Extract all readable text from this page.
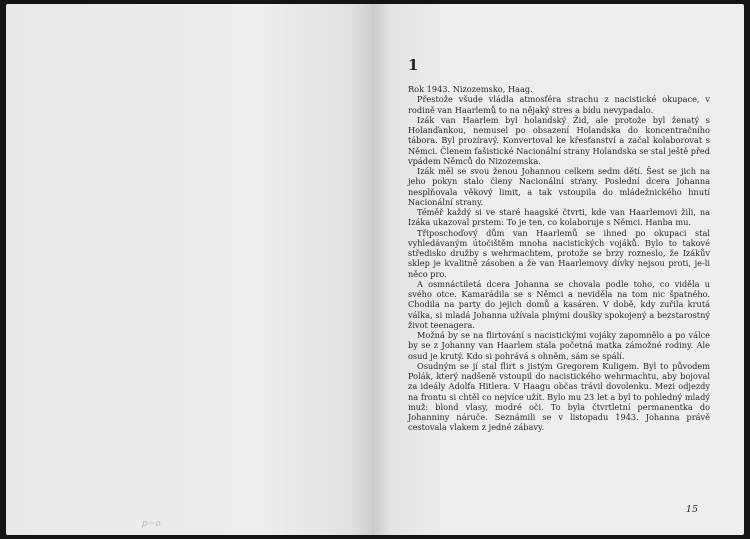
p~o
1

Rok 1943. Nizozemsko, Haag.

Přestože všude vládla atmosféra strachu z nacistické okupace, v rodině van Haarlemů to na nějaký stres a bídu nevypadalo.

Izák van Haarlem byl holandský Žid, ale protože byl ženatý s Holanďankou, nemusel po obsazení Holandska do koncentračního tábora. Byl prozíravý. Konvertoval ke křesťanství a začal kolaborovat s Němci. Členem fašistické Nacionální strany Holandska se stal ještě před vpádem Němců do Nizozemska.

Izák měl se svou ženou Johannou celkem sedm dětí. Šest se jich na jeho pokyn stalo členy Nacionální strany. Poslední dcera Johanna nesplňovala věkový limit, a tak vstoupila do mládežnického hnutí Nacionální strany.

Téměř každý si ve staré haagské čtvrti, kde van Haarlemovi žili, na Izáka ukazoval prstem: To je ten, co kolaboruje s Němci. Hanba mu.

Třiposchoďový dům van Haarlemů se ihned po okupaci stal vyhledávaným útočištěm mnoha nacistických vojáků. Bylo to takové středisko družby s wehrmachtem, protože se brzy rozneslo, že Izákův sklep je kvalitně zásoben a že van Haarlemovy dívky nejsou proti, je-li něco pro.

A osmnáctiletá dcera Johanna se chovala podle toho, co viděla u svého otce. Kamarádila se s Němci a neviděla na tom nic špatného. Chodila na party do jejich domů a kasáren. V době, kdy zuřila krutá válka, si mladá Johanna užívala plnými doušky spokojený a bezstarostný život teenagera.

Možná by se na flirtování s nacistickými vojáky zapomnělo a po válce by se z Johanny van Haarlem stala početná matka zámožné rodiny. Ale osud je krutý. Kdo si pohrává s ohněm, sám se spálí.

Osudným se jí stal flirt s jistým Gregorem Kuligem. Byl to původem Polák, který nadšeně vstoupil do nacistického wehrmachtu, aby bojoval za ideály Adolfa Hitlera. V Haagu občas trávil dovolenku. Mezi odjezdy na frontu si chtěl co nejvíce užít. Bylo mu 23 let a byl to pohledný mladý muž: blond vlasy, modré oči. To byla čtvrtletní permanentka do Johanniny náruče. Seznámili se v listopadu 1943. Johanna právě cestovala vlakem z jedné zábavy.

15
